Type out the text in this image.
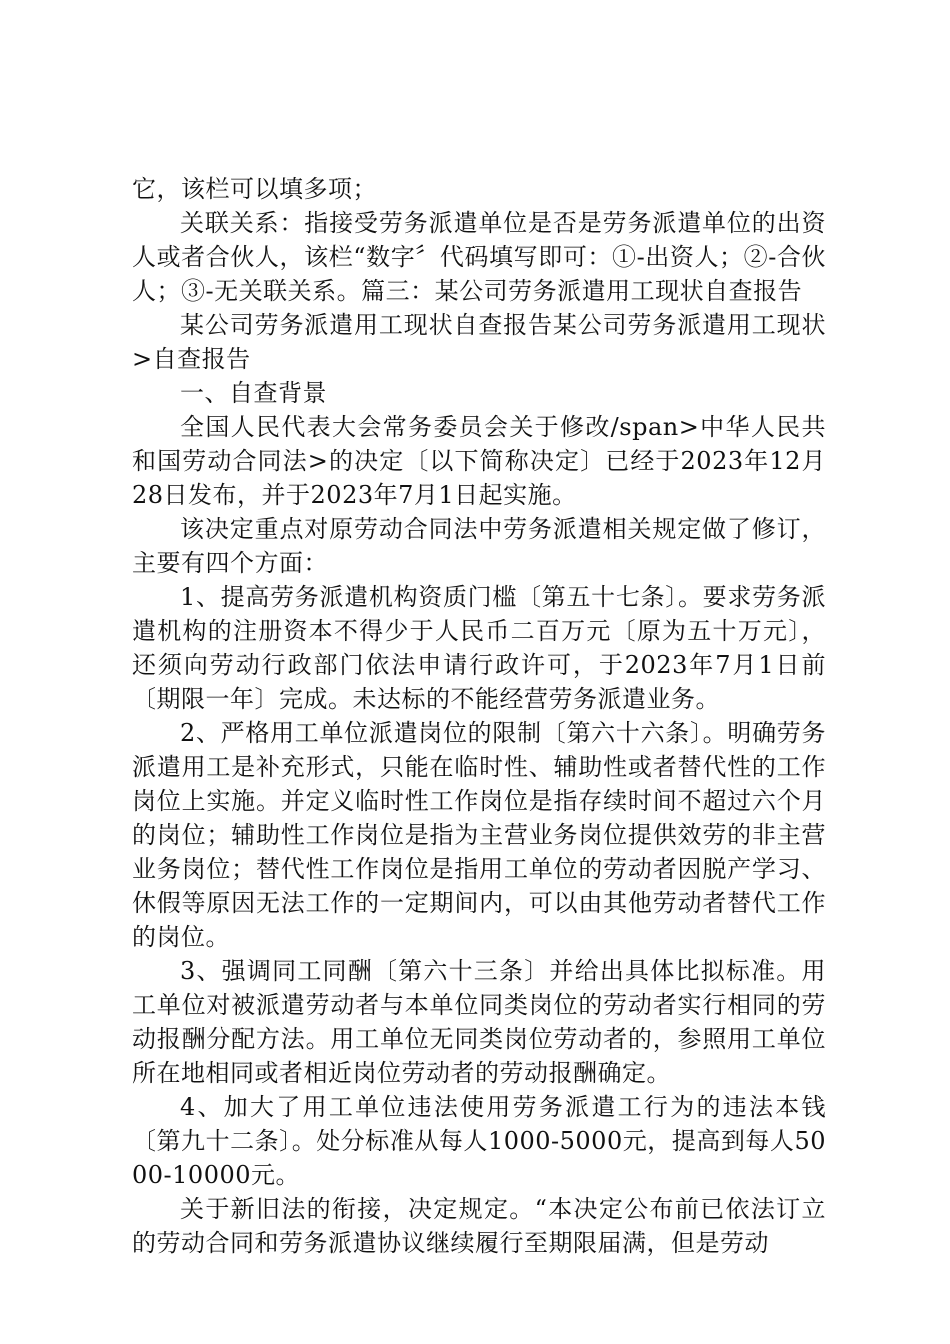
它，该栏可以填多项；

关联关系：指接受劳务派遣单位是否是劳务派遣单位的出资人或者合伙人，该栏“数字〞代码填写即可：①-出资人；②-合伙人；③-无关联关系。篇三：某公司劳务派遣用工现状自查报告

某公司劳务派遣用工现状自查报告某公司劳务派遣用工现状>自查报告

一、自查背景

全国人民代表大会常务委员会关于修改/span>中华人民共和国劳动合同法>的决定〔以下简称决定〕已经于2023年12月28日发布，并于2023年7月1日起实施。

该决定重点对原劳动合同法中劳务派遣相关规定做了修订，主要有四个方面：

1、提高劳务派遣机构资质门槛〔第五十七条〕。要求劳务派遣机构的注册资本不得少于人民币二百万元〔原为五十万元〕，还须向劳动行政部门依法申请行政许可，于2023年7月1日前〔期限一年〕完成。未达标的不能经营劳务派遣业务。

2、严格用工单位派遣岗位的限制〔第六十六条〕。明确劳务派遣用工是补充形式，只能在临时性、辅助性或者替代性的工作岗位上实施。并定义临时性工作岗位是指存续时间不超过六个月的岗位；辅助性工作岗位是指为主营业务岗位提供效劳的非主营业务岗位；替代性工作岗位是指用工单位的劳动者因脱产学习、休假等原因无法工作的一定期间内，可以由其他劳动者替代工作的岗位。

3、强调同工同酬〔第六十三条〕并给出具体比拟标准。用工单位对被派遣劳动者与本单位同类岗位的劳动者实行相同的劳动报酬分配方法。用工单位无同类岗位劳动者的，参照用工单位所在地相同或者相近岗位劳动者的劳动报酬确定。

4、加大了用工单位违法使用劳务派遣工行为的违法本钱〔第九十二条〕。处分标准从每人1000-5000元，提高到每人5000-10000元。

关于新旧法的衔接，决定规定。“本决定公布前已依法订立的劳动合同和劳务派遣协议继续履行至期限届满，但是劳动
